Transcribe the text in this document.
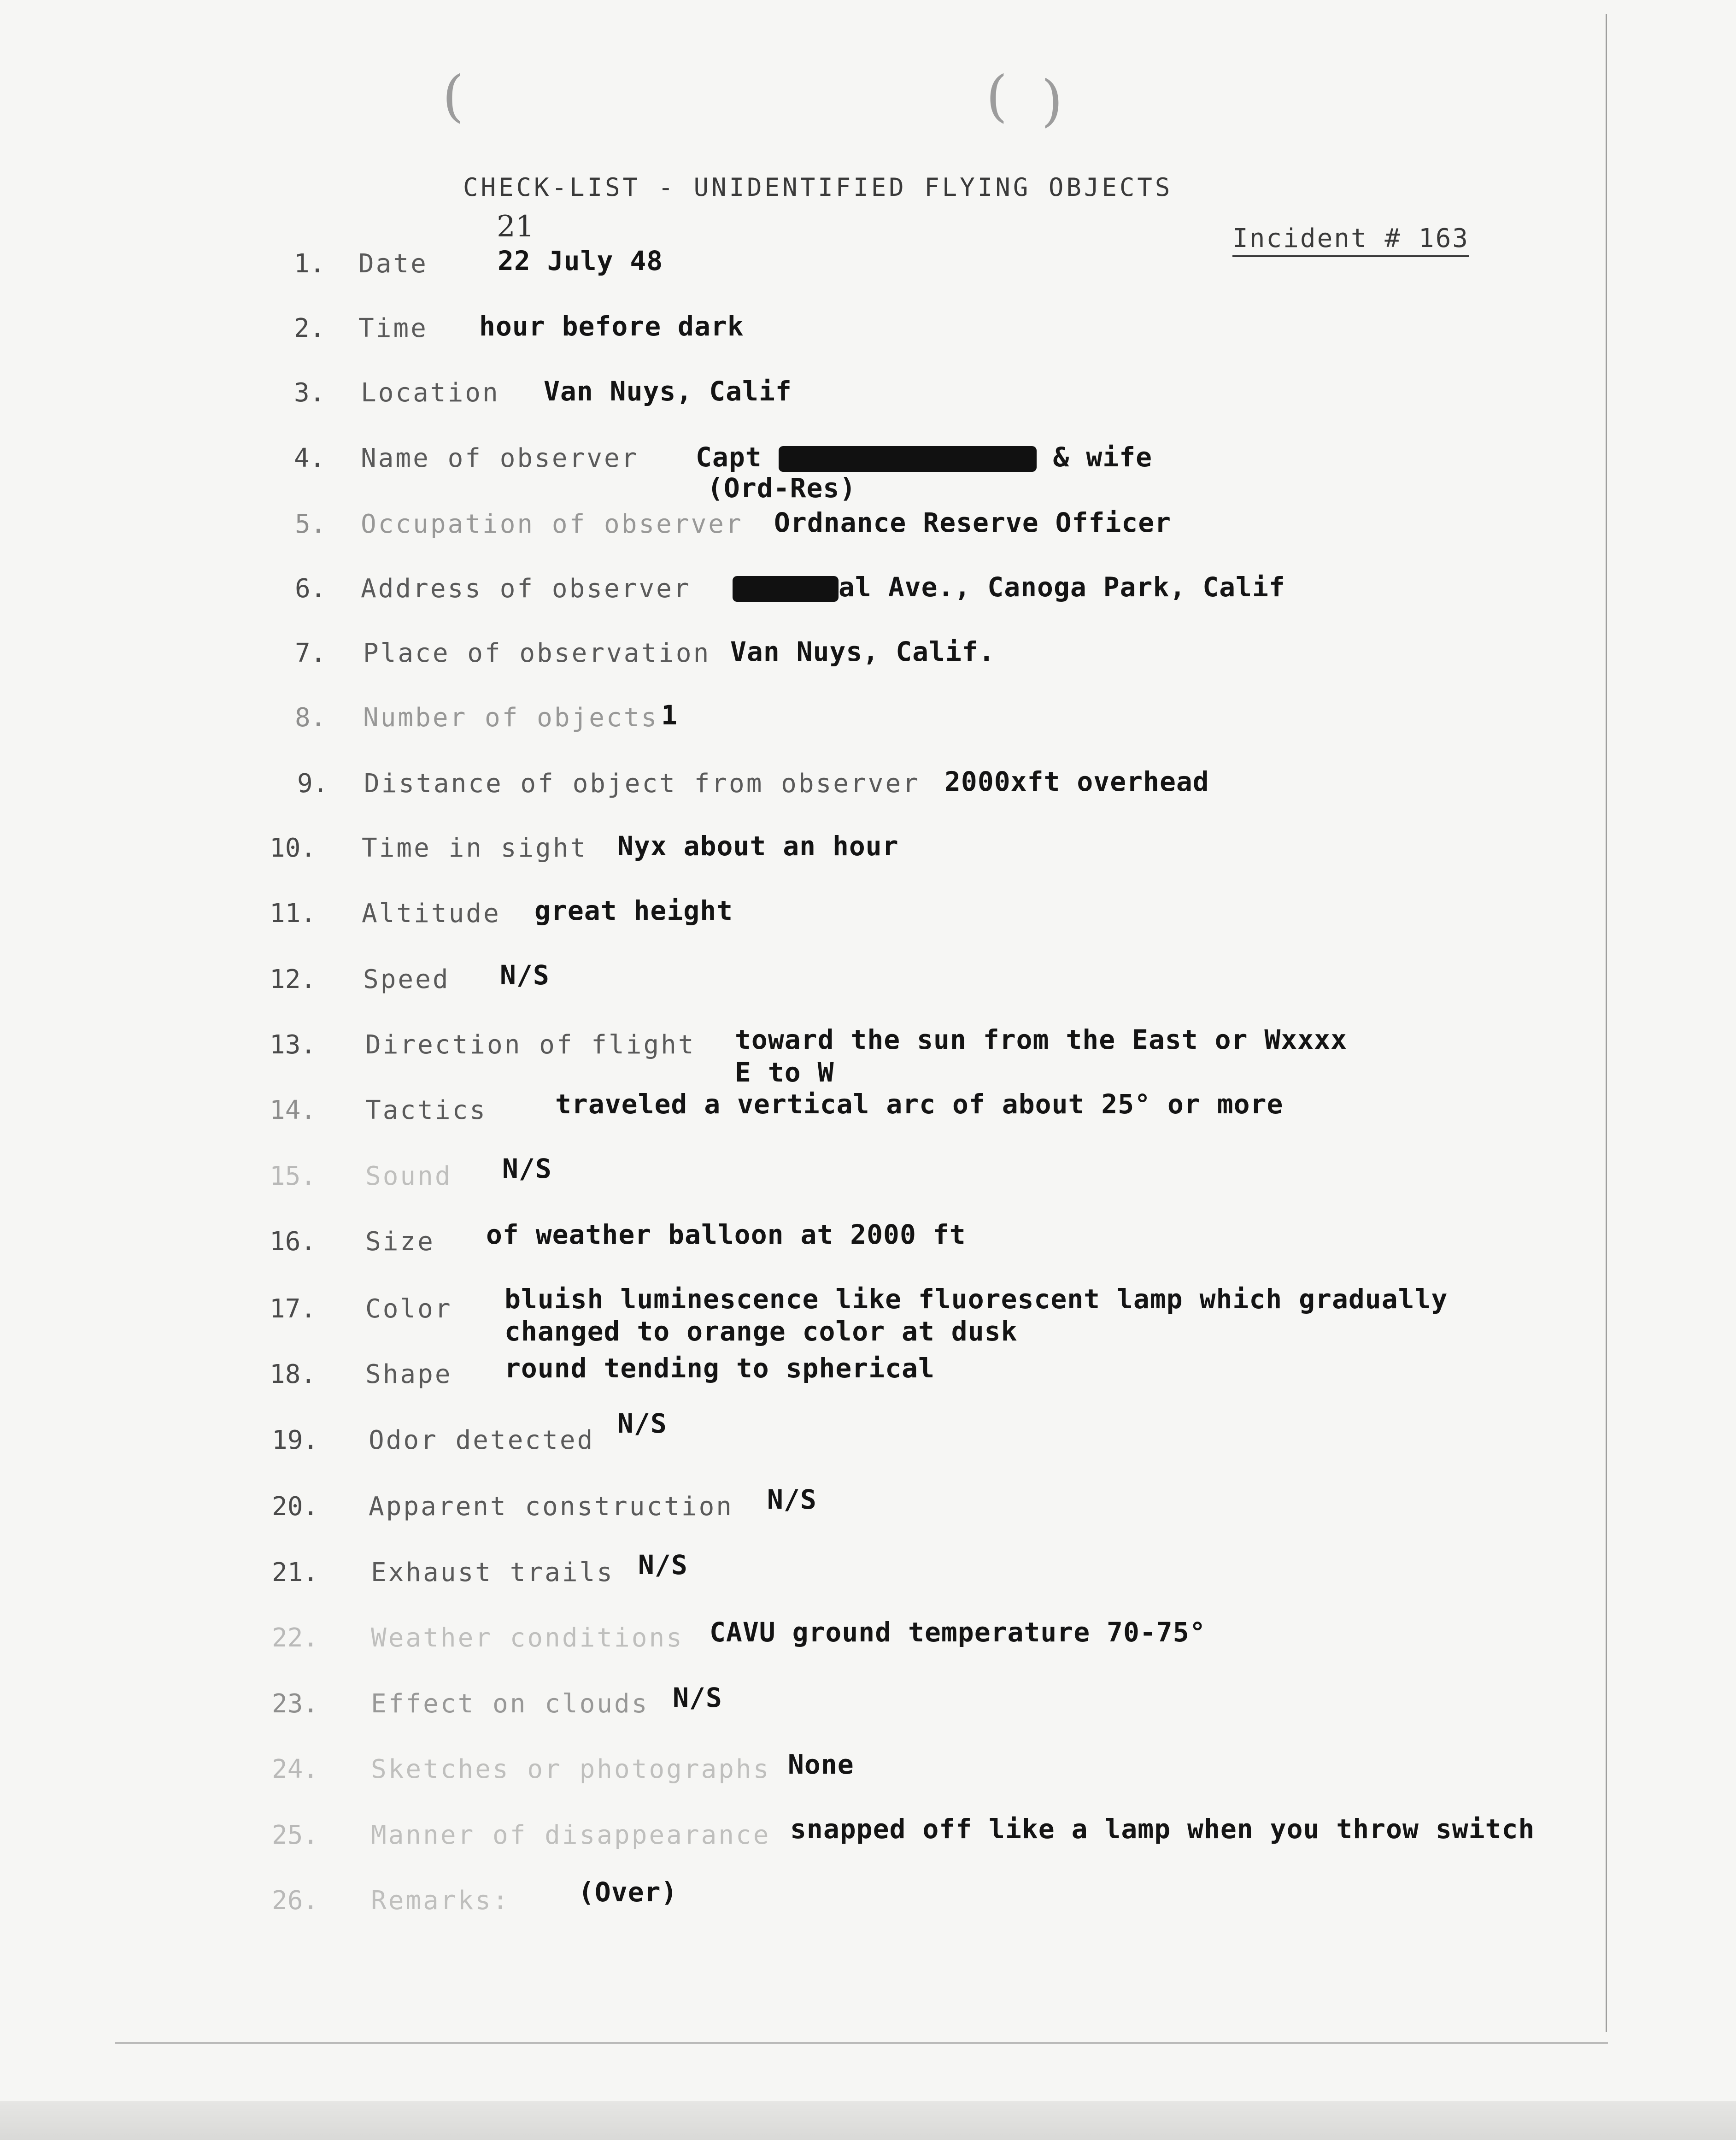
(	( )
CHECK-LIST - UNIDENTIFIED FLYING OBJECTS
21	Incident # 163
1. Date	22 July 48
2. Time hour before dark
3. Location Van Nuys, Calif
4. Name of observer Capt	& wife
(Ord-Res)
5. Occupation of observer Ordnance Reserve Officer
6. Address of observer	al Ave., Canoga Park, Calif
7. Place of observation Van Nuys, Calif.
8. Number of objects 1
9. Distance of object from observer 2000xft overhead
10. Time in sight Nyx about an hour
11. Altitude great height
12. Speed N/S
13. Direction of flight toward the sun from the East or Wxxxx
E to W
14. Tactics	traveled a vertical arc of about 25° or more
15. Sound N/S
16. Size of weather balloon at 2000 ft
17. Color bluish luminescence like fluorescent lamp which gradually
changed to orange color at dusk
18. Shape round tending to spherical
19. Odor detected
N/S
20. Apparent construction N/S
21. Exhaust trails N/S
22. Weather conditions CAVU ground temperature 70-75°
23. Effect on clouds N/S
24. Sketches or photographs None
25. Manner of disappearance snapped off like a lamp when you throw switch
26. Remarks:	(Over)
